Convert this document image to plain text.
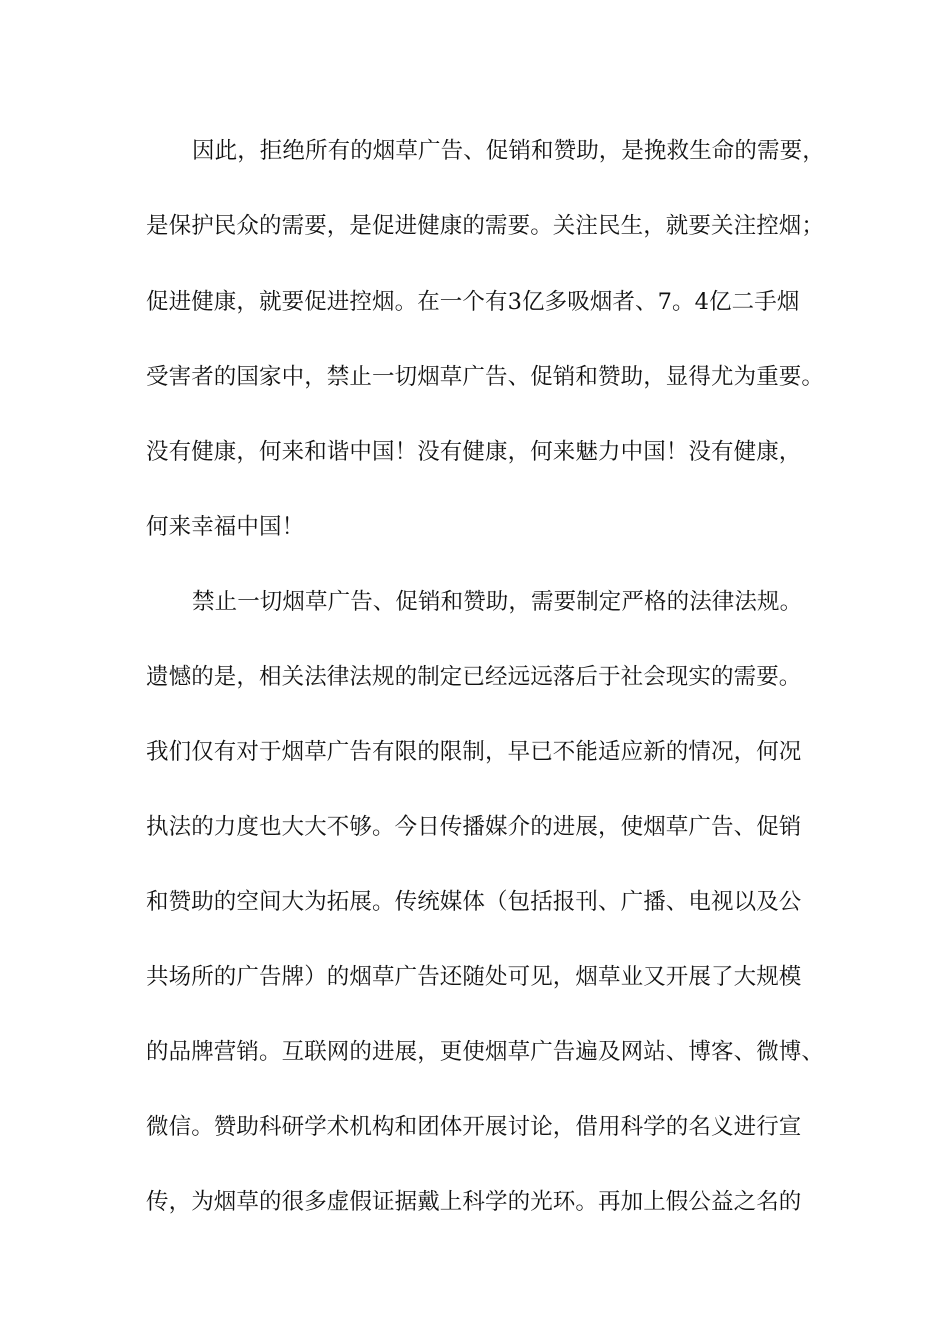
因此，拒绝所有的烟草广告、促销和赞助，是挽救生命的需要，
是保护民众的需要，是促进健康的需要。关注民生，就要关注控烟；
促进健康，就要促进控烟。在一个有3亿多吸烟者、7。4亿二手烟
受害者的国家中，禁止一切烟草广告、促销和赞助，显得尤为重要。
没有健康，何来和谐中国！没有健康，何来魅力中国！没有健康，
何来幸福中国！
禁止一切烟草广告、促销和赞助，需要制定严格的法律法规。
遗憾的是，相关法律法规的制定已经远远落后于社会现实的需要。
我们仅有对于烟草广告有限的限制，早已不能适应新的情况，何况
执法的力度也大大不够。今日传播媒介的进展，使烟草广告、促销
和赞助的空间大为拓展。传统媒体（包括报刊、广播、电视以及公
共场所的广告牌）的烟草广告还随处可见，烟草业又开展了大规模
的品牌营销。互联网的进展，更使烟草广告遍及网站、博客、微博、
微信。赞助科研学术机构和团体开展讨论，借用科学的名义进行宣
传，为烟草的很多虚假证据戴上科学的光环。再加上假公益之名的
